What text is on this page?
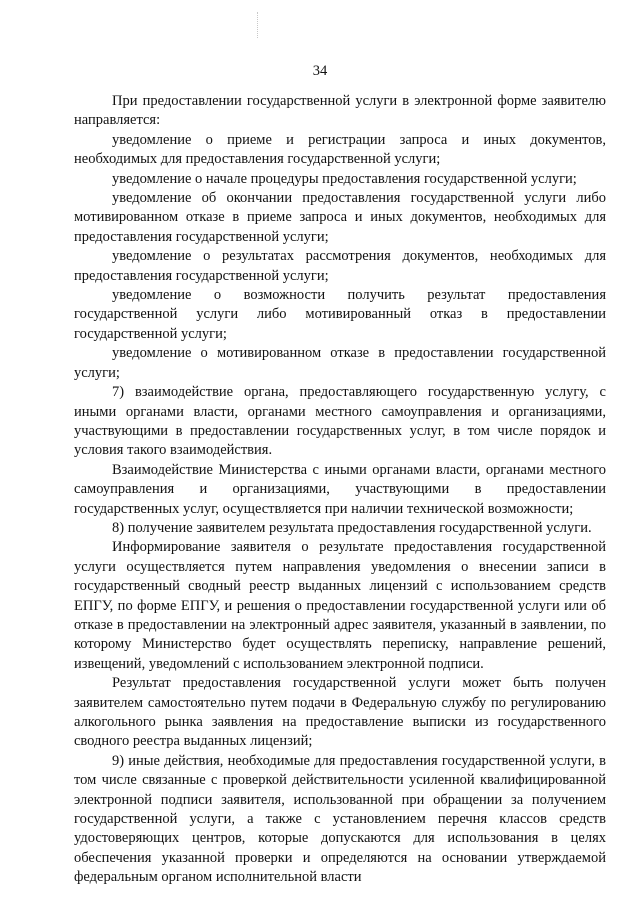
34

При предоставлении государственной услуги в электронной форме заявителю направляется:

уведомление о приеме и регистрации запроса и иных документов, необходимых для предоставления государственной услуги;

уведомление о начале процедуры предоставления государственной услуги;

уведомление об окончании предоставления государственной услуги либо мотивированном отказе в приеме запроса и иных документов, необходимых для предоставления государственной услуги;

уведомление о результатах рассмотрения документов, необходимых для предоставления государственной услуги;

уведомление о возможности получить результат предоставления государственной услуги либо мотивированный отказ в предоставлении государственной услуги;

уведомление о мотивированном отказе в предоставлении государственной услуги;

7) взаимодействие органа, предоставляющего государственную услугу, с иными органами власти, органами местного самоуправления и организациями, участвующими в предоставлении государственных услуг, в том числе порядок и условия такого взаимодействия.

Взаимодействие Министерства с иными органами власти, органами местного самоуправления и организациями, участвующими в предоставлении государственных услуг, осуществляется при наличии технической возможности;

8) получение заявителем результата предоставления государственной услуги.

Информирование заявителя о результате предоставления государственной услуги осуществляется путем направления уведомления о внесении записи в государственный сводный реестр выданных лицензий с использованием средств ЕПГУ, по форме ЕПГУ, и решения о предоставлении государственной услуги или об отказе в предоставлении на электронный адрес заявителя, указанный в заявлении, по которому Министерство будет осуществлять переписку, направление решений, извещений, уведомлений с использованием электронной подписи.

Результат предоставления государственной услуги может быть получен заявителем самостоятельно путем подачи в Федеральную службу по регулированию алкогольного рынка заявления на предоставление выписки из государственного сводного реестра выданных лицензий;

9) иные действия, необходимые для предоставления государственной услуги, в том числе связанные с проверкой действительности усиленной квалифицированной электронной подписи заявителя, использованной при обращении за получением государственной услуги, а также с установлением перечня классов средств удостоверяющих центров, которые допускаются для использования в целях обеспечения указанной проверки и определяются на основании утверждаемой федеральным органом исполнительной власти
